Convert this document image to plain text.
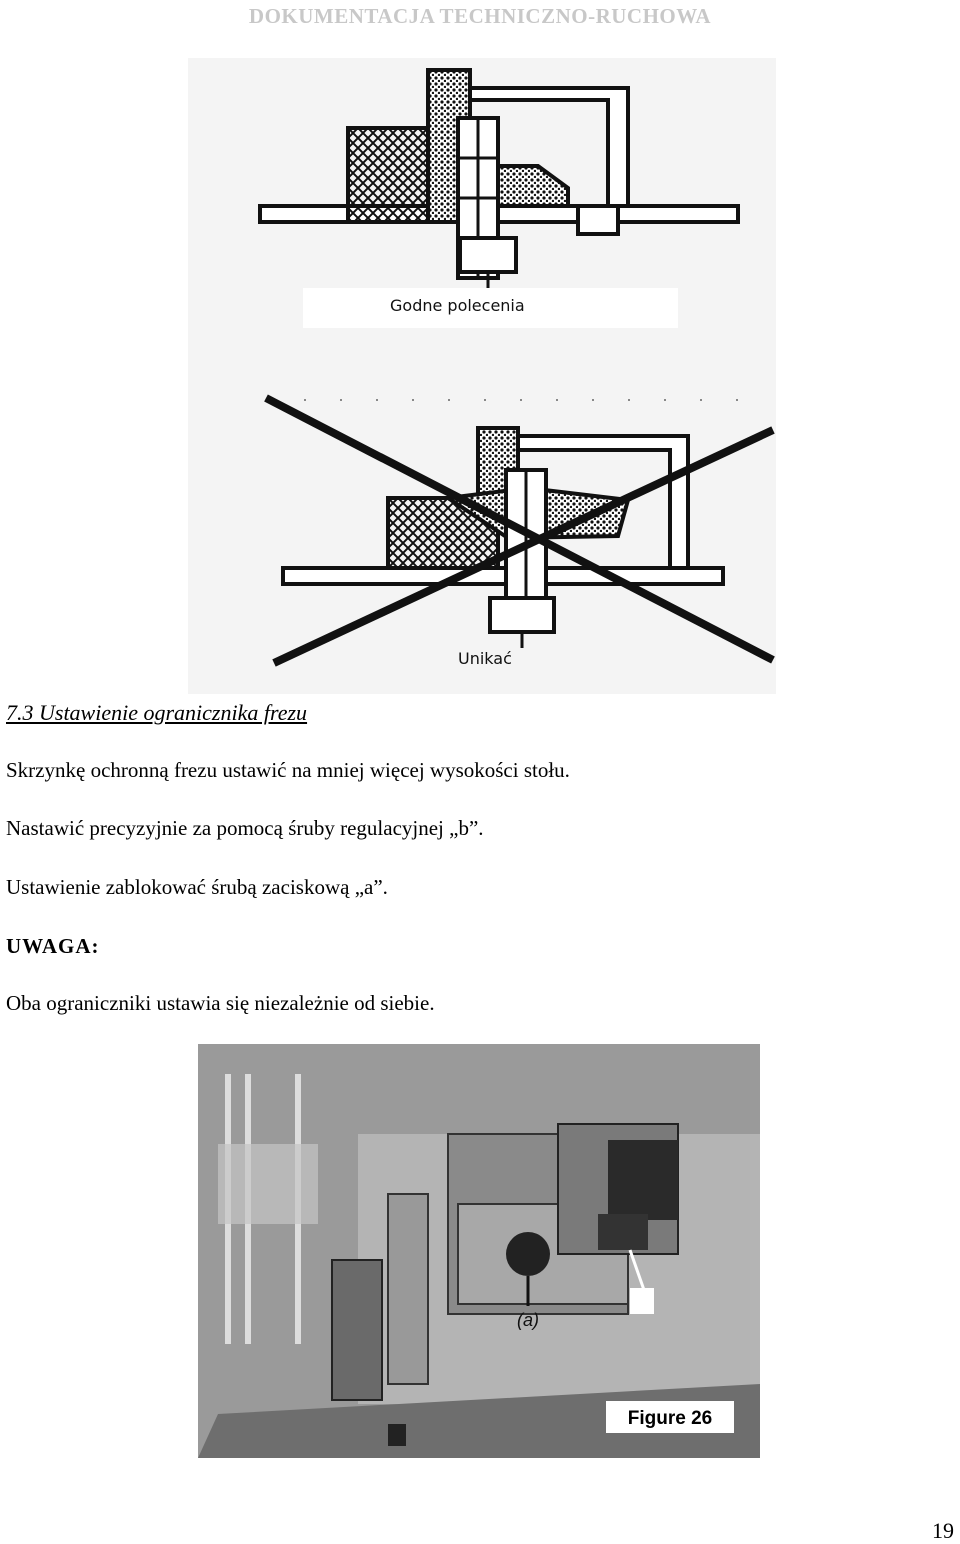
DOKUMENTACJA TECHNICZNO-RUCHOWA
Godne polecenia
Unikać
7.3 Ustawienie ogranicznika frezu

Skrzynkę ochronną frezu ustawić na mniej więcej wysokości stołu.

Nastawić precyzyjnie za pomocą śruby regulacyjnej „b”.

Ustawienie zablokować śrubą zaciskową „a”.

UWAGA:

Oba ograniczniki ustawia się niezależnie od siebie.

Figure 26
(a)
19
